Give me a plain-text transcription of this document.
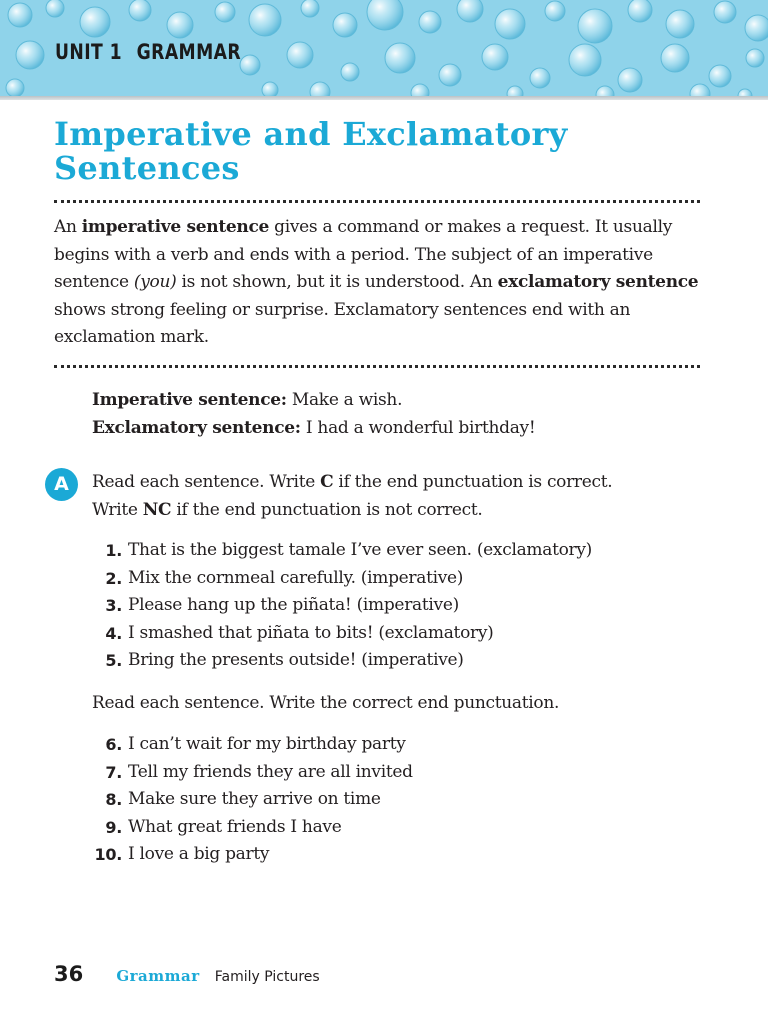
UNIT 1 GRAMMAR
Imperative and Exclamatory
Sentences
An imperative sentence gives a command or makes a request. It usually begins with a verb and ends with a period. The subject of an imperative sentence (you) is not shown, but it is understood. An exclamatory sentence shows strong feeling or surprise. Exclamatory sentences end with an exclamation mark.
Imperative sentence: Make a wish.
Exclamatory sentence: I had a wonderful birthday!
A	Read each sentence. Write C if the end punctuation is correct.
Write NC if the end punctuation is not correct.
1. That is the biggest tamale I’ve ever seen. (exclamatory)
2. Mix the cornmeal carefully. (imperative)
3. Please hang up the piñata! (imperative)
4. I smashed that piñata to bits! (exclamatory)
5. Bring the presents outside! (imperative)
Read each sentence. Write the correct end punctuation.
6. I can’t wait for my birthday party
7. Tell my friends they are all invited
8. Make sure they arrive on time
9. What great friends I have
10. I love a big party
36 Grammar Family Pictures
